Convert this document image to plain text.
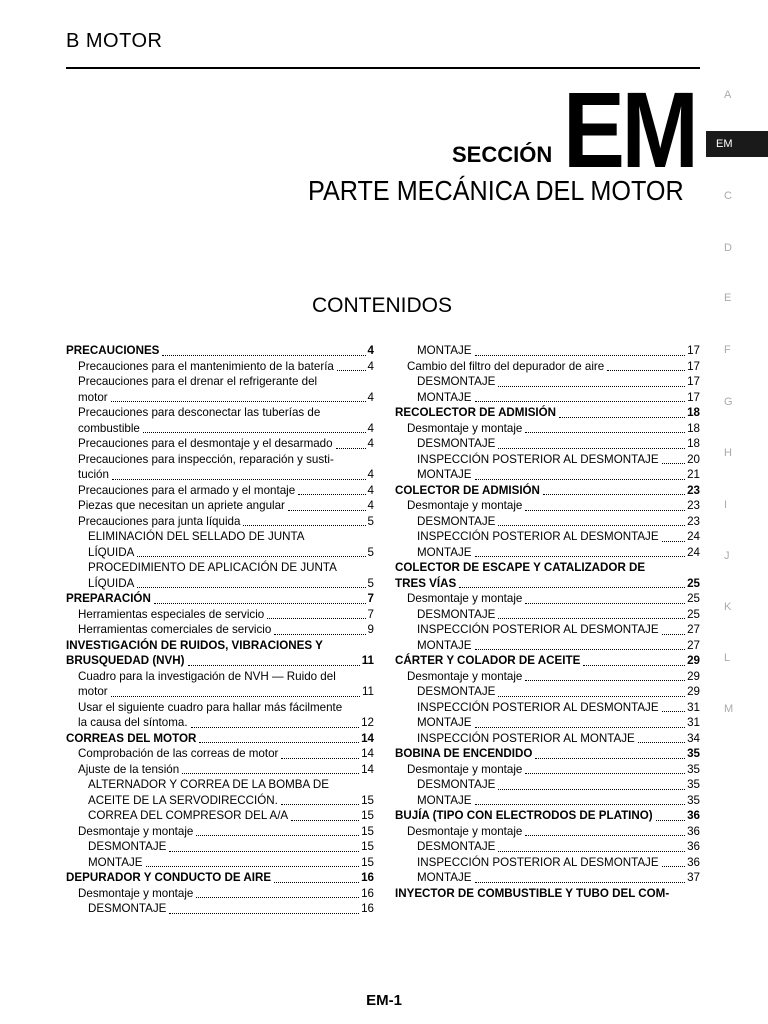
B MOTOR
A
EM
C
D
E
F
G
H
I
J
K
L
M
SECCIÓN EM
PARTE MECÁNICA DEL MOTOR
CONTENIDOS
PRECAUCIONES	4
Precauciones para el mantenimiento de la batería	4
Precauciones para el drenar el refrigerante del
motor	4
Precauciones para desconectar las tuberías de
combustible	4
Precauciones para el desmontaje y el desarmado	4
Precauciones para inspección, reparación y susti-
tución	4
Precauciones para el armado y el montaje	4
Piezas que necesitan un apriete angular	4
Precauciones para junta líquida	5
ELIMINACIÓN DEL SELLADO DE JUNTA
LÍQUIDA	5
PROCEDIMIENTO DE APLICACIÓN DE JUNTA
LÍQUIDA	5
PREPARACIÓN	7
Herramientas especiales de servicio	7
Herramientas comerciales de servicio	9
INVESTIGACIÓN DE RUIDOS, VIBRACIONES Y
BRUSQUEDAD (NVH)	11
Cuadro para la investigación de NVH — Ruido del
motor	11
Usar el siguiente cuadro para hallar más fácilmente
la causa del síntoma.	12
CORREAS DEL MOTOR	14
Comprobación de las correas de motor	14
Ajuste de la tensión	14
ALTERNADOR Y CORREA DE LA BOMBA DE
ACEITE DE LA SERVODIRECCIÓN.	15
CORREA DEL COMPRESOR DEL A/A	15
Desmontaje y montaje	15
DESMONTAJE	15
MONTAJE	15
DEPURADOR Y CONDUCTO DE AIRE	16
Desmontaje y montaje	16
DESMONTAJE	16
MONTAJE	17
Cambio del filtro del depurador de aire	17
DESMONTAJE	17
MONTAJE	17
RECOLECTOR DE ADMISIÓN	18
Desmontaje y montaje	18
DESMONTAJE	18
INSPECCIÓN POSTERIOR AL DESMONTAJE 20
MONTAJE	21
COLECTOR DE ADMISIÓN	23
Desmontaje y montaje	23
DESMONTAJE	23
INSPECCIÓN POSTERIOR AL DESMONTAJE 24
MONTAJE	24
COLECTOR DE ESCAPE Y CATALIZADOR DE
TRES VÍAS	25
Desmontaje y montaje	25
DESMONTAJE	25
INSPECCIÓN POSTERIOR AL DESMONTAJE 27
MONTAJE	27
CÁRTER Y COLADOR DE ACEITE	29
Desmontaje y montaje	29
DESMONTAJE	29
INSPECCIÓN POSTERIOR AL DESMONTAJE 31
MONTAJE	31
INSPECCIÓN POSTERIOR AL MONTAJE	34
BOBINA DE ENCENDIDO	35
Desmontaje y montaje	35
DESMONTAJE	35
MONTAJE	35
BUJÍA (TIPO CON ELECTRODOS DE PLATINO)	36
Desmontaje y montaje	36
DESMONTAJE	36
INSPECCIÓN POSTERIOR AL DESMONTAJE 36
MONTAJE	37
INYECTOR DE COMBUSTIBLE Y TUBO DEL COM-
EM-1
